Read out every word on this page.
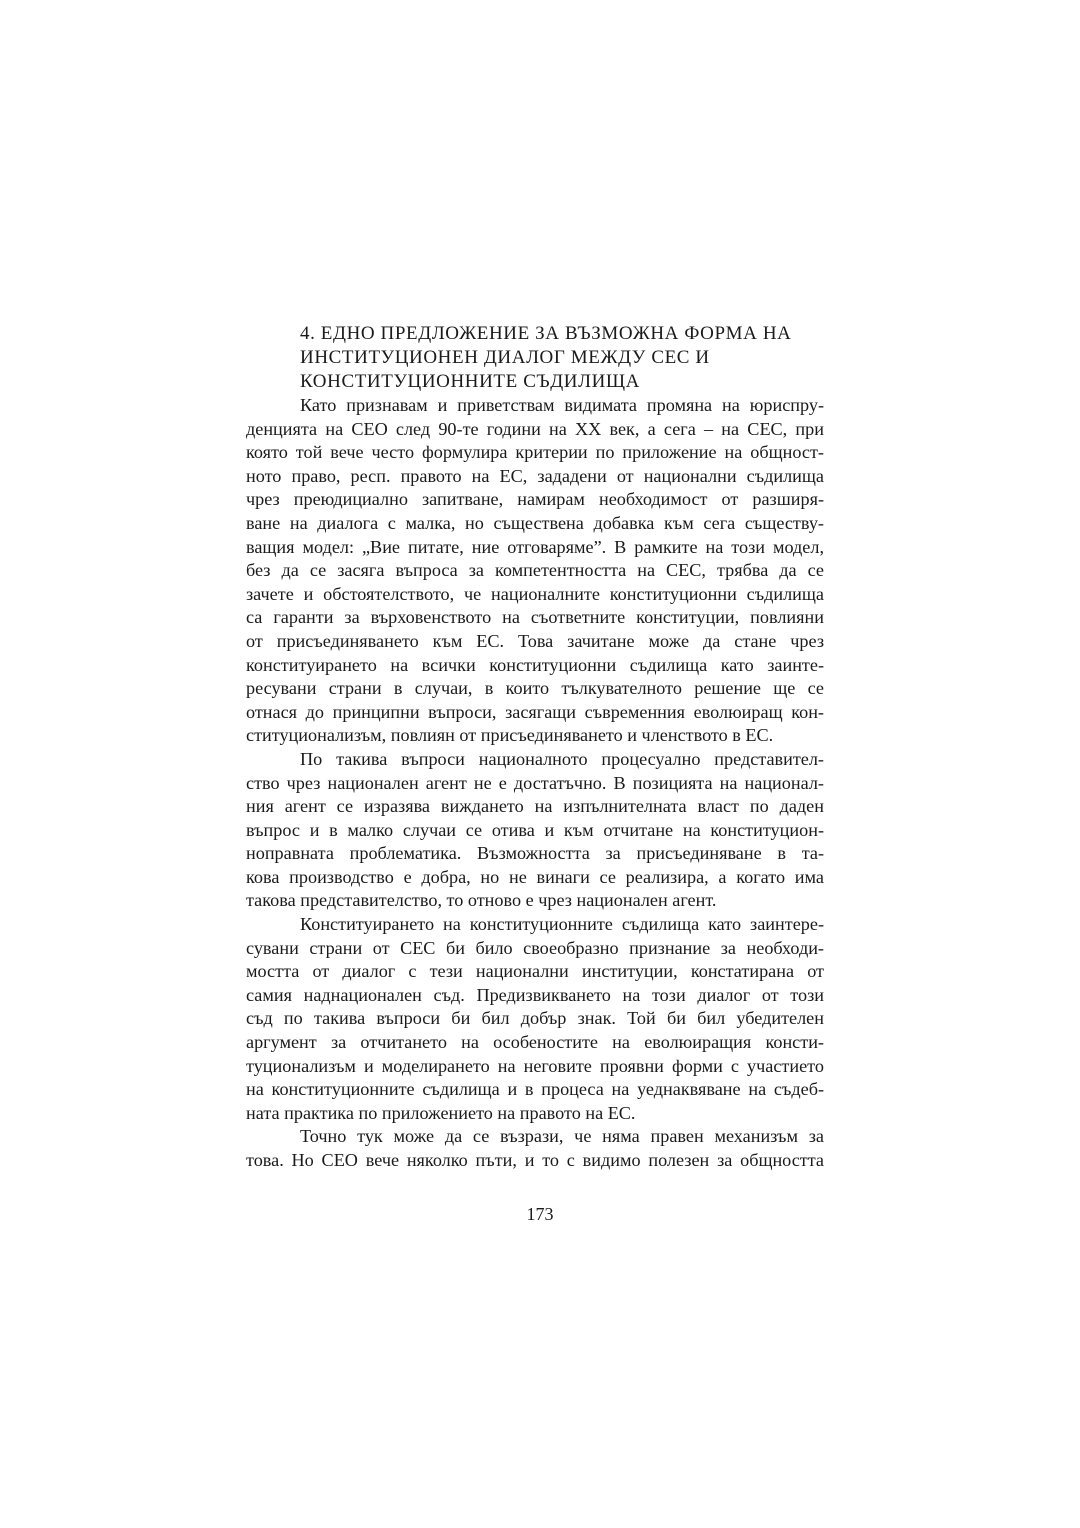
4. ЕДНО ПРЕДЛОЖЕНИЕ ЗА ВЪЗМОЖНА ФОРМА НА
ИНСТИТУЦИОНЕН ДИАЛОГ МЕЖДУ СЕС И
КОНСТИТУЦИОННИТЕ СЪДИЛИЩА

Като признавам и приветствам видимата промяна на юриспру-
денцията на СЕО след 90-те години на ХХ век, а сега – на СЕС, при
която той вече често формулира критерии по приложение на общност-
ното право, респ. правото на ЕС, зададени от национални съдилища
чрез преюдициално запитване, намирам необходимост от разширя-
ване на диалога с малка, но съществена добавка към сега съществу-
ващия модел: „Вие питате, ние отговаряме”. В рамките на този модел,
без да се засяга въпроса за компетентността на СЕС, трябва да се
зачете и обстоятелството, че националните конституционни съдилища
са гаранти за върховенството на съответните конституции, повлияни
от присъединяването към ЕС. Това зачитане може да стане чрез
конституирането на всички конституционни съдилища като заинте-
ресувани страни в случаи, в които тълкувателното решение ще се
отнася до принципни въпроси, засягащи съвременния еволюиращ кон-
ституционализъм, повлиян от присъединяването и членството в ЕС.

По такива въпроси националното процесуално представител-
ство чрез национален агент не е достатъчно. В позицията на национал-
ния агент се изразява виждането на изпълнителната власт по даден
въпрос и в малко случаи се отива и към отчитане на конституцион-
ноправната проблематика. Възможността за присъединяване в та-
кова производство е добра, но не винаги се реализира, а когато има
такова представителство, то отново е чрез национален агент.

Конституирането на конституционните съдилища като заинтере-
сувани страни от СЕС би било своеобразно признание за необходи-
мостта от диалог с тези национални институции, констатирана от
самия наднационален съд. Предизвикването на този диалог от този
съд по такива въпроси би бил добър знак. Той би бил убедителен
аргумент за отчитането на особеностите на еволюиращия консти-
туционализъм и моделирането на неговите проявни форми с участието
на конституционните съдилища и в процеса на уеднаквяване на съдеб-
ната практика по приложението на правото на ЕС.

Точно тук може да се възрази, че няма правен механизъм за
това. Но СЕО вече няколко пъти, и то с видимо полезен за общността

173
